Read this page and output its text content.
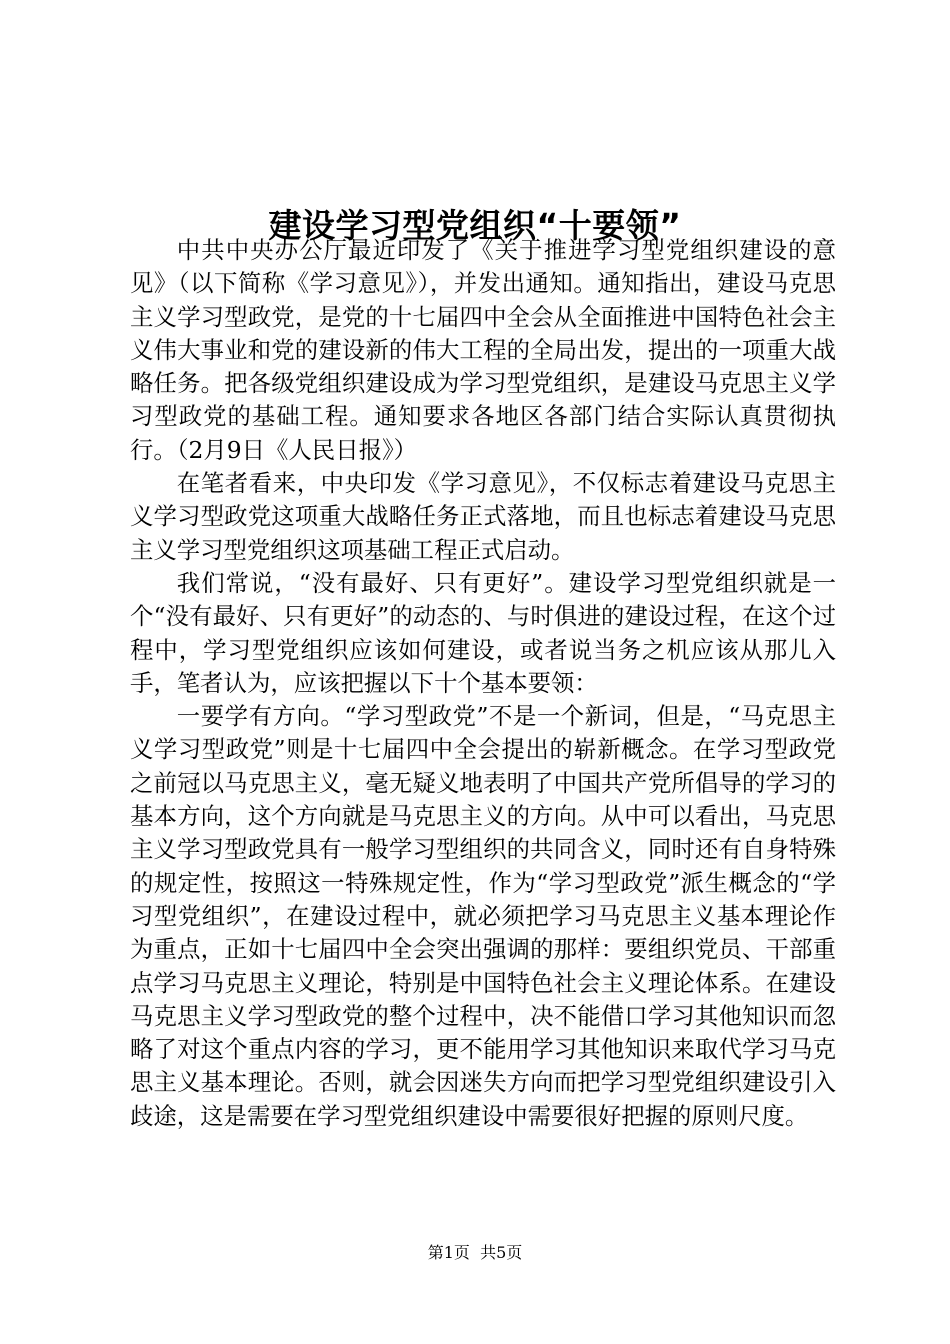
建设学习型党组织“十要领”

中共中央办公厅最近印发了《关于推进学习型党组织建设的意见》（以下简称《学习意见》），并发出通知。通知指出，建设马克思主义学习型政党，是党的十七届四中全会从全面推进中国特色社会主义伟大事业和党的建设新的伟大工程的全局出发，提出的一项重大战略任务。把各级党组织建设成为学习型党组织，是建设马克思主义学习型政党的基础工程。通知要求各地区各部门结合实际认真贯彻执行。（2月9日《人民日报》）

在笔者看来，中央印发《学习意见》，不仅标志着建设马克思主义学习型政党这项重大战略任务正式落地，而且也标志着建设马克思主义学习型党组织这项基础工程正式启动。

我们常说，“没有最好、只有更好”。建设学习型党组织就是一个“没有最好、只有更好”的动态的、与时俱进的建设过程，在这个过程中，学习型党组织应该如何建设，或者说当务之机应该从那儿入手，笔者认为，应该把握以下十个基本要领：

一要学有方向。“学习型政党”不是一个新词，但是，“马克思主义学习型政党”则是十七届四中全会提出的崭新概念。在学习型政党之前冠以马克思主义，毫无疑义地表明了中国共产党所倡导的学习的基本方向，这个方向就是马克思主义的方向。从中可以看出，马克思主义学习型政党具有一般学习型组织的共同含义，同时还有自身特殊的规定性，按照这一特殊规定性，作为“学习型政党”派生概念的“学习型党组织”，在建设过程中，就必须把学习马克思主义基本理论作为重点，正如十七届四中全会突出强调的那样：要组织党员、干部重点学习马克思主义理论，特别是中国特色社会主义理论体系。在建设马克思主义学习型政党的整个过程中，决不能借口学习其他知识而忽略了对这个重点内容的学习，更不能用学习其他知识来取代学习马克思主义基本理论。否则，就会因迷失方向而把学习型党组织建设引入歧途，这是需要在学习型党组织建设中需要很好把握的原则尺度。

第1页 共5页
